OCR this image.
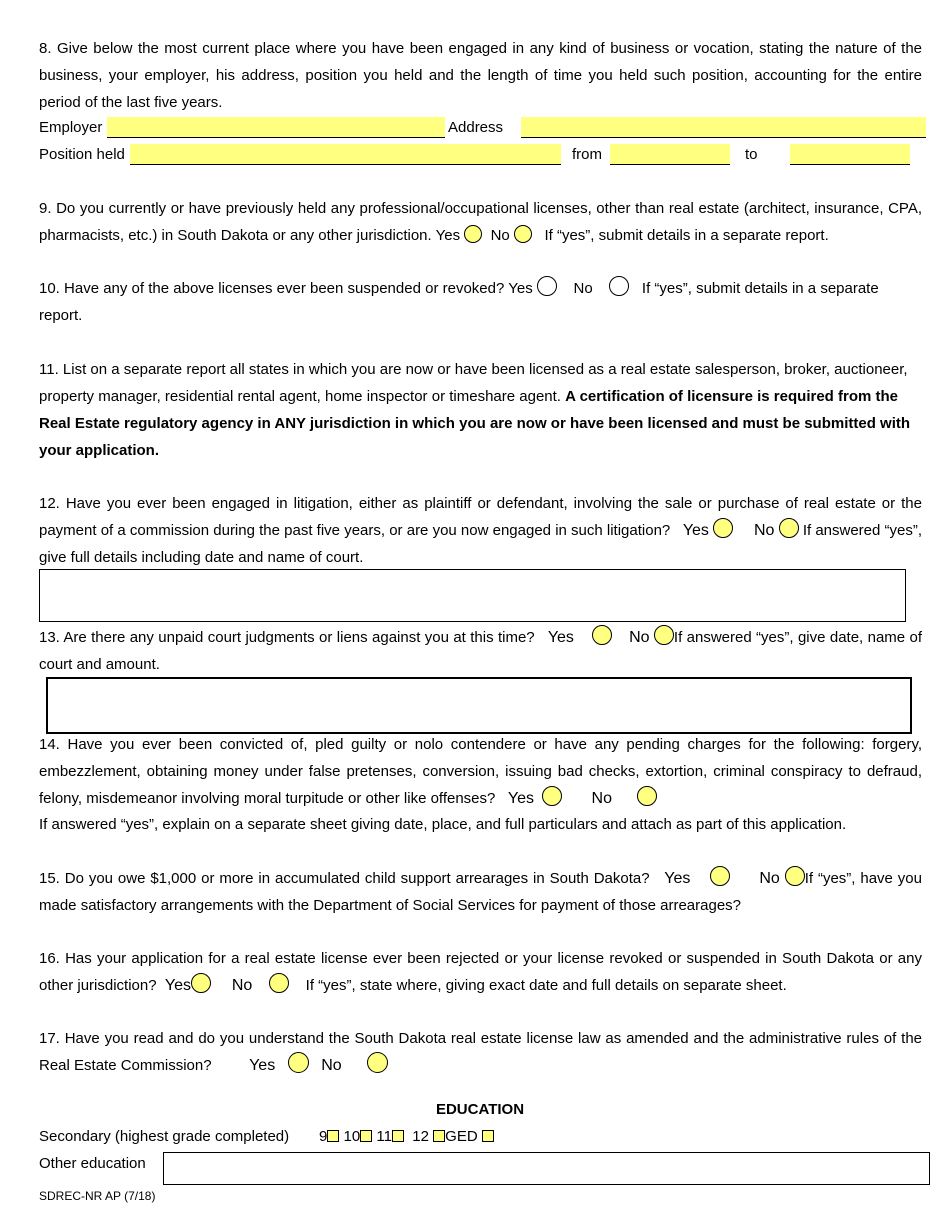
8. Give below the most current place where you have been engaged in any kind of business or vocation, stating the nature of the business, your employer, his address, position you held and the length of time you held such position, accounting for the entire period of the last five years.

Employer	Address
Position held	from	to

9. Do you currently or have previously held any professional/occupational licenses, other than real estate (architect, insurance, CPA, pharmacists, etc.) in South Dakota or any other jurisdiction. Yes No If “yes”, submit details in a separate report.

10. Have any of the above licenses ever been suspended or revoked? Yes	No	If “yes”, submit details in a separate report.

11. List on a separate report all states in which you are now or have been licensed as a real estate salesperson, broker, auctioneer, property manager, residential rental agent, home inspector or timeshare agent. A certification of licensure is required from the Real Estate regulatory agency in ANY jurisdiction in which you are now or have been licensed and must be submitted with your application.

12. Have you ever been engaged in litigation, either as plaintiff or defendant, involving the sale or purchase of real estate or the payment of a commission during the past five years, or are you now engaged in such litigation? Yes	No If answered “yes”, give full details including date and name of court.

13. Are there any unpaid court judgments or liens against you at this time? Yes	No If answered “yes”, give date, name of court and amount.

14. Have you ever been convicted of, pled guilty or nolo contendere or have any pending charges for the following: forgery, embezzlement, obtaining money under false pretenses, conversion, issuing bad checks, extortion, criminal conspiracy to defraud, felony, misdemeanor involving moral turpitude or other like offenses? Yes	No

If answered “yes”, explain on a separate sheet giving date, place, and full particulars and attach as part of this application.

15. Do you owe $1,000 or more in accumulated child support arrearages in South Dakota? Yes	No If “yes”, have you made satisfactory arrangements with the Department of Social Services for payment of those arrearages?

16. Has your application for a real estate license ever been rejected or your license revoked or suspended in South Dakota or any other jurisdiction? Yes	No	If “yes”, state where, giving exact date and full details on separate sheet.

17. Have you read and do you understand the South Dakota real estate license law as amended and the administrative rules of the Real Estate Commission? Yes	No

EDUCATION
Secondary (highest grade completed) 9 10 11 12 GED
Other education
SDREC-NR AP (7/18)
